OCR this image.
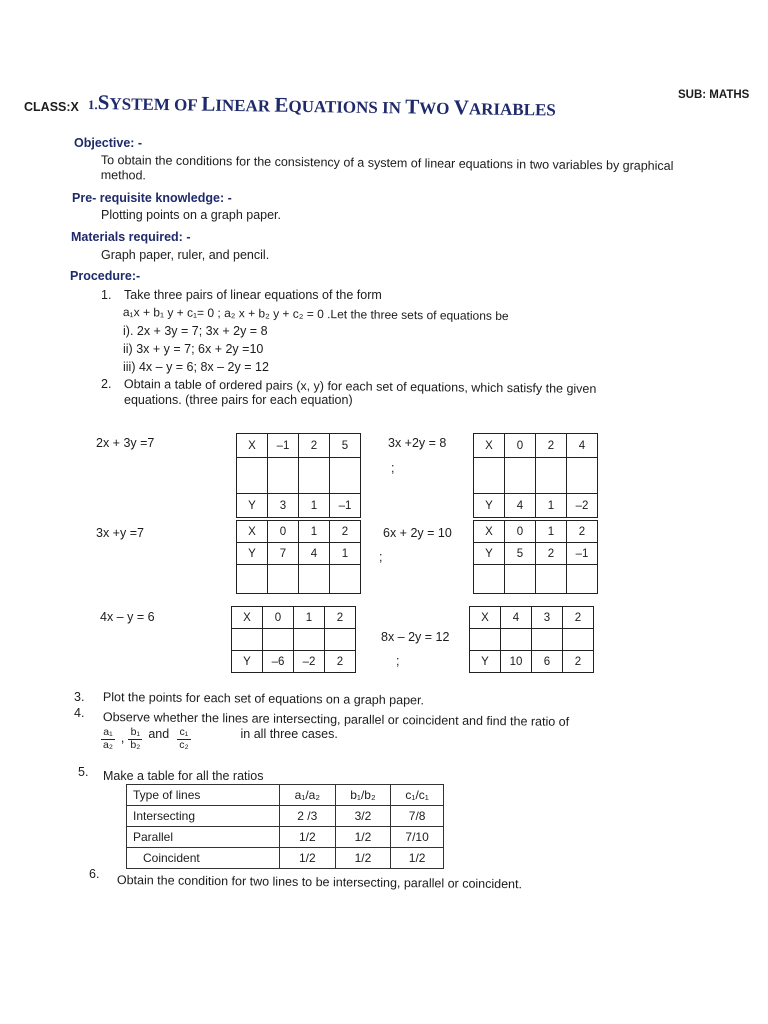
CLASS:X 1.SYSTEM OF LINEAR EQUATIONS IN TWO VARIABLES
SUB: MATHS
Objective: -
To obtain the conditions for the consistency of a system of linear equations in two variables by graphical method.
Pre- requisite knowledge: -
Plotting points on a graph paper.
Materials required: -
Graph paper, ruler, and pencil.
Procedure:-
1. Take three pairs of linear equations of the form
a₁x + b₁ y + c₁= 0 ; a₂ x + b₂ y + c₂ = 0 .Let the three sets of equations be
i). 2x + 3y = 7; 3x + 2y = 8
ii) 3x + y = 7; 6x + 2y =10
iii) 4x – y = 6; 8x – 2y = 12
2. Obtain a table of ordered pairs (x, y) for each set of equations, which satisfy the given
equations. (three pairs for each equation)
2x + 3y =7	X	–1	2	5

Y	3	1	–1
3x +2y = 8
;
X	0	2	4

Y	4	1	–2
3x +y =7	X	0	1	2
Y	7	4	1

6x + 2y = 10
;
X	0	1	2
Y	5	2	–1

4x – y = 6	X	0	1	2

Y	–6	–2	2
8x – 2y = 12
;
X	4	3	2

Y	10	6	2
3. Plot the points for each set of equations on a graph paper.
4. Observe whether the lines are intersecting, parallel or coincident and find the ratio of
$\frac{\text{a₁}}{\text{a₂}}$ , $\frac{\text{b₁}}{\text{b₂}}$ and $\frac{\text{c₁}}{\text{c₂}}$	in all three cases.
5. Make a table for all the ratios
Type of lines	a₁/a₂	b₁/b₂	c₁/c₁
Intersecting	2 /3	3/2	7/8
Parallel	1/2	1/2	7/10
Coincident	1/2	1/2	1/2
6. Obtain the condition for two lines to be intersecting, parallel or coincident.
